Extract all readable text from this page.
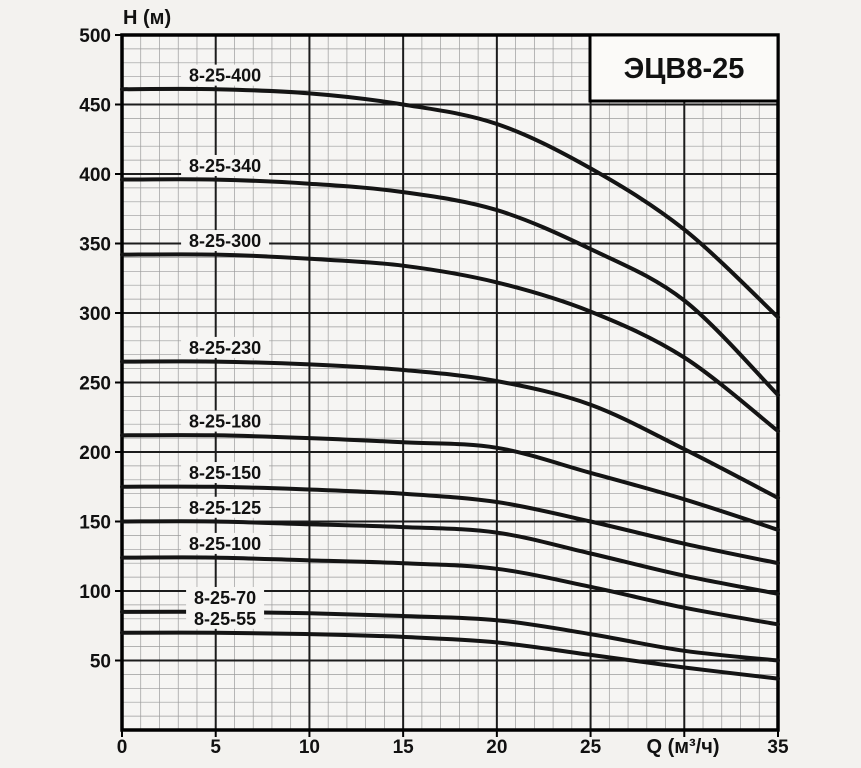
8-25-400
8-25-340
8-25-300
8-25-230
8-25-180
8-25-150
8-25-125
8-25-100
8-25-70
8-25-55
50
100
150
200
250
300
350
400
450
500
0	5	10	15	20	25	35
H (м)
Q (м³/ч)
ЭЦВ8-25
